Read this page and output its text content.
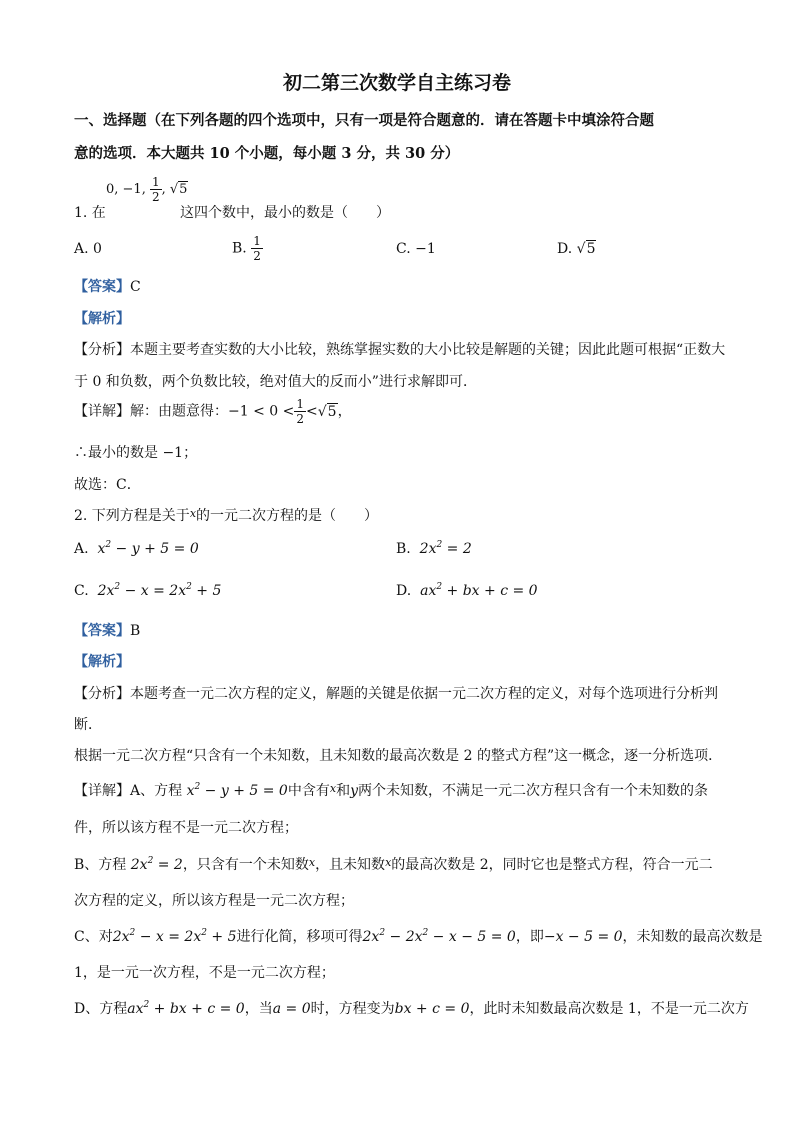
初二第三次数学自主练习卷
一、选择题（在下列各题的四个选项中，只有一项是符合题意的．请在答题卡中填涂符合题
意的选项．本大题共 10 个小题，每小题 3 分，共 30 分）
1. 在
0, −1, $\frac{1}{2}$ , √5
这四个数中，最小的数是（　　）
A. 0	B. $\frac{1}{2}$	C. −1	D. √5
【答案】C
【解析】
【分析】本题主要考查实数的大小比较，熟练掌握实数的大小比较是解题的关键；因此此题可根据“正数大
于 0 和负数，两个负数比较，绝对值大的反而小”进行求解即可．
【详解】解：由题意得：$-1 < 0 < \frac{1}{2} <√5$，
∴最小的数是 −1；
故选：C．
2. 下列方程是关于$^x$的一元二次方程的是（　　）
A. $x^2 - y + 5 = 0$	B. $2x^2 = 2$
C. $2x^2 - x = 2x^2 + 5$	D. $ax^2$ + bx + c = 0
【答案】B
【解析】
【分析】本题考查一元二次方程的定义，解题的关键是依据一元二次方程的定义，对每个选项进行分析判
断．
根据一元二次方程“只含有一个未知数，且未知数的最高次数是 2 的整式方程”这一概念，逐一分析选项．
【详解】A、方程 $x^2 - y + 5 = 0$中含有$^x$和y两个未知数，不满足一元二次方程只含有一个未知数的条
件，所以该方程不是一元二次方程；
B、方程 $2x^2 = 2$，只含有一个未知数$^x$，且未知数$^x$的最高次数是 2，同时它也是整式方程，符合一元二
次方程的定义，所以该方程是一元二次方程；
C、对$2x^2 - x = 2x^2 + 5$进行化简，移项可得$2x^2 - 2x^2 - x - 5 = 0$，即−x − 5 = 0，未知数的最高次数是
1，是一元一次方程，不是一元二次方程；
D、方程$ax^2$ + bx + c = 0，当a = 0时，方程变为bx + c = 0，此时未知数最高次数是 1，不是一元二次方
